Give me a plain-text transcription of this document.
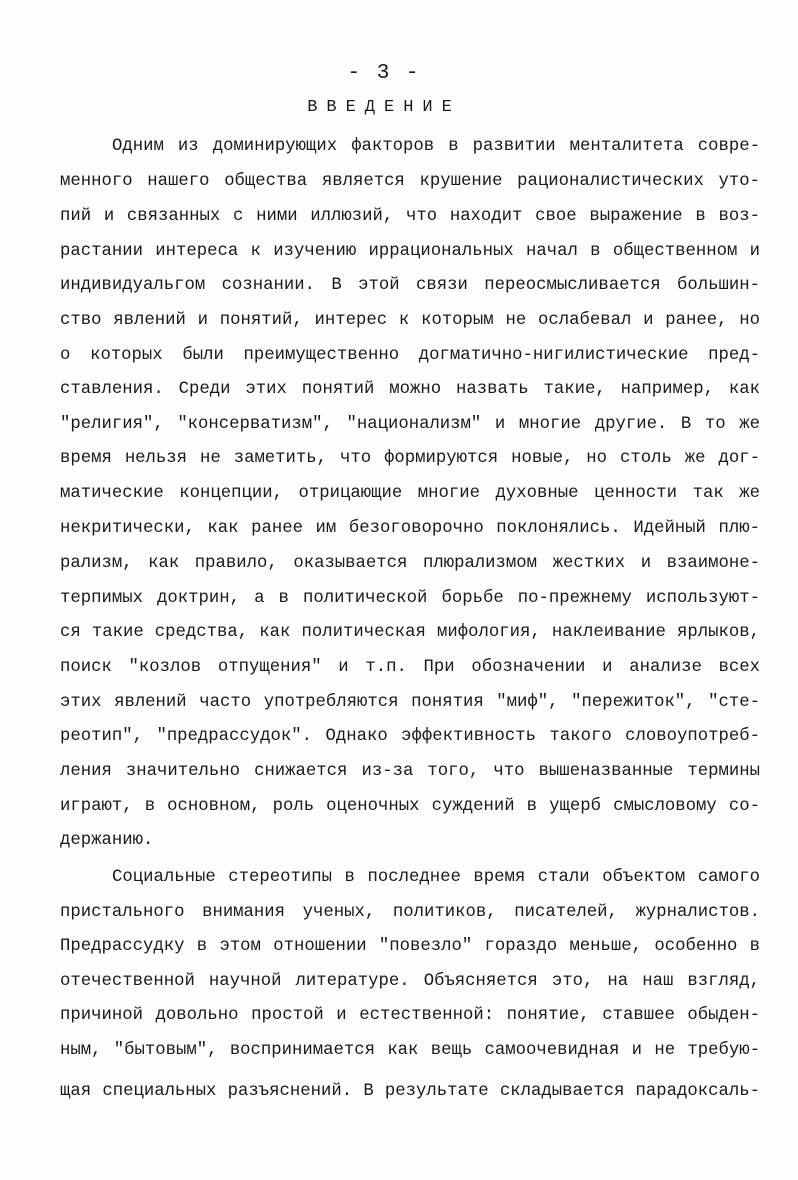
- 3 -
ВВЕДЕНИЕ
Одним из доминирующих факторов в развитии менталитета совре-
менного нашего общества является крушение рационалистических уто-
пий и связанных с ними иллюзий, что находит свое выражение в воз-
растании интереса к изучению иррациональных начал в общественном и
индивидуальгом сознании. В этой связи переосмысливается большин-
ство явлений и понятий, интерес к которым не ослабевал и ранее, но
о которых были преимущественно догматично-нигилистические пред-
ставления. Среди этих понятий можно назвать такие, например, как
"религия", "консерватизм", "национализм" и многие другие. В то же
время нельзя не заметить, что формируются новые, но столь же дог-
матические концепции, отрицающие многие духовные ценности так же
некритически, как ранее им безоговорочно поклонялись. Идейный плю-
рализм, как правило, оказывается плюрализмом жестких и взаимоне-
терпимых доктрин, а в политической борьбе по-прежнему используют-
ся такие средства, как политическая мифология, наклеивание ярлыков,
поиск "козлов отпущения" и т.п. При обозначении и анализе всех
этих явлений часто употребляются понятия "миф", "пережиток", "сте-
реотип", "предрассудок". Однако эффективность такого словоупотреб-
ления значительно снижается из-за того, что вышеназванные термины
играют, в основном, роль оценочных суждений в ущерб смысловому со-
держанию.
Социальные стереотипы в последнее время стали объектом самого
пристального внимания ученых, политиков, писателей, журналистов.
Предрассудку в этом отношении "повезло" гораздо меньше, особенно в
отечественной научной литературе. Объясняется это, на наш взгляд,
причиной довольно простой и естественной: понятие, ставшее обыден-
ным, "бытовым", воспринимается как вещь самоочевидная и не требую-
щая специальных разъяснений. В результате складывается парадоксаль-
